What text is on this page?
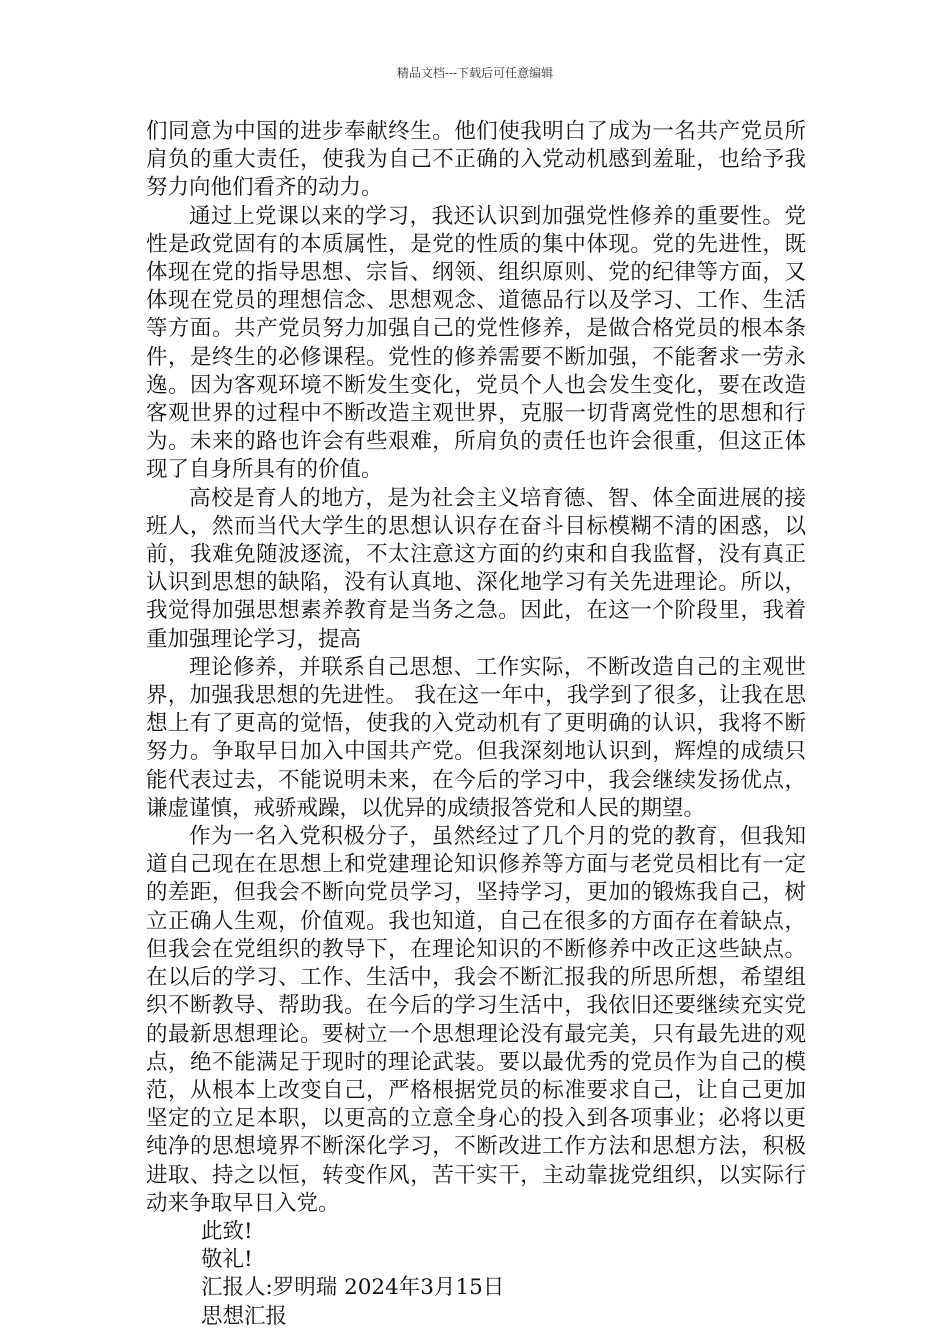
精品文档---下载后可任意编辑

们同意为中国的进步奉献终生。他们使我明白了成为一名共产党员所肩负的重大责任，使我为自己不正确的入党动机感到羞耻，也给予我努力向他们看齐的动力。

通过上党课以来的学习，我还认识到加强党性修养的重要性。党性是政党固有的本质属性，是党的性质的集中体现。党的先进性，既体现在党的指导思想、宗旨、纲领、组织原则、党的纪律等方面，又体现在党员的理想信念、思想观念、道德品行以及学习、工作、生活等方面。共产党员努力加强自己的党性修养，是做合格党员的根本条件，是终生的必修课程。党性的修养需要不断加强，不能奢求一劳永逸。因为客观环境不断发生变化，党员个人也会发生变化，要在改造客观世界的过程中不断改造主观世界，克服一切背离党性的思想和行为。未来的路也许会有些艰难，所肩负的责任也许会很重，但这正体现了自身所具有的价值。

高校是育人的地方，是为社会主义培育德、智、体全面进展的接班人，然而当代大学生的思想认识存在奋斗目标模糊不清的困惑，以前，我难免随波逐流，不太注意这方面的约束和自我监督，没有真正认识到思想的缺陷，没有认真地、深化地学习有关先进理论。所以，我觉得加强思想素养教育是当务之急。因此，在这一个阶段里，我着重加强理论学习，提高

理论修养，并联系自己思想、工作实际，不断改造自己的主观世界，加强我思想的先进性。 我在这一年中，我学到了很多，让我在思想上有了更高的觉悟，使我的入党动机有了更明确的认识，我将不断努力。争取早日加入中国共产党。但我深刻地认识到，辉煌的成绩只能代表过去，不能说明未来，在今后的学习中，我会继续发扬优点，谦虚谨慎，戒骄戒躁，以优异的成绩报答党和人民的期望。

作为一名入党积极分子，虽然经过了几个月的党的教育，但我知道自己现在在思想上和党建理论知识修养等方面与老党员相比有一定的差距，但我会不断向党员学习，坚持学习，更加的锻炼我自己，树立正确人生观，价值观。我也知道，自己在很多的方面存在着缺点，但我会在党组织的教导下，在理论知识的不断修养中改正这些缺点。在以后的学习、工作、生活中，我会不断汇报我的所思所想，希望组织不断教导、帮助我。在今后的学习生活中，我依旧还要继续充实党的最新思想理论。要树立一个思想理论没有最完美，只有最先进的观点，绝不能满足于现时的理论武装。要以最优秀的党员作为自己的模范，从根本上改变自己，严格根据党员的标准要求自己，让自己更加坚定的立足本职，以更高的立意全身心的投入到各项事业；必将以更纯净的思想境界不断深化学习，不断改进工作方法和思想方法，积极进取、持之以恒，转变作风，苦干实干，主动靠拢党组织，以实际行动来争取早日入党。

此致!

敬礼!

汇报人:罗明瑞 2024年3月15日

思想汇报
